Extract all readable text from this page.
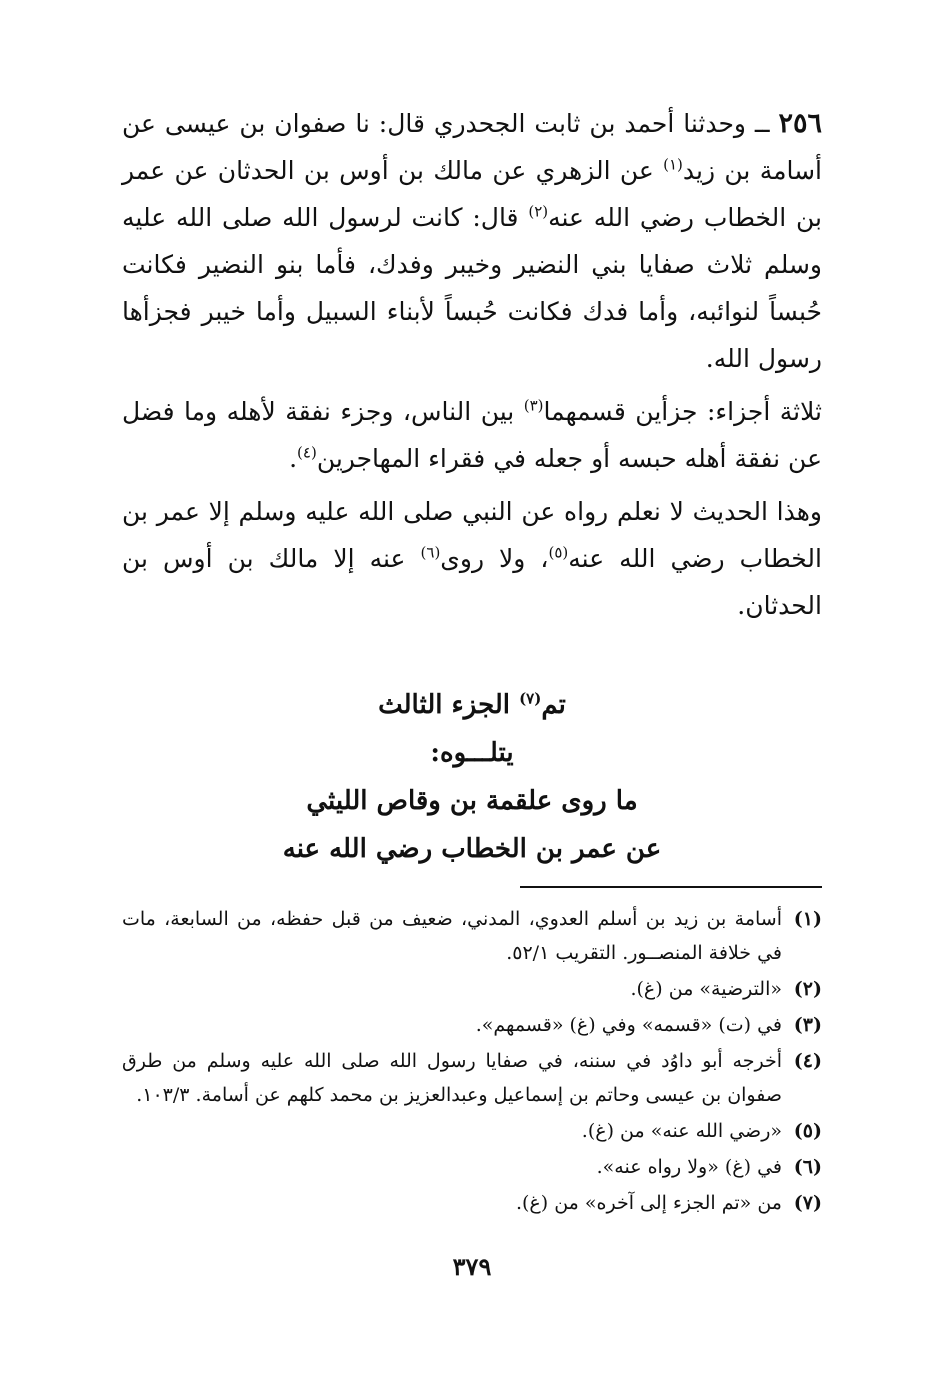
٢٥٦ ــ وحدثنا أحمد بن ثابت الجحدري قال: نا صفوان بن عيسى عن أسامة بن زيد$^{(١)}$ عن الزهري عن مالك بن أوس بن الحدثان عن عمر بن الخطاب رضي الله عنه$^{(٢)}$ قال: كانت لرسول الله صلى الله عليه وسلم ثلاث صفايا بني النضير وخيبر وفدك، فأما بنو النضير فكانت حُبساً لنوائبه، وأما فدك فكانت حُبساً لأبناء السبيل وأما خيبر فجزأها رسول الله.

ثلاثة أجزاء: جزأين قسمهما$^{(٣)}$ بين الناس، وجزء نفقة لأهله وما فضل عن نفقة أهله حبسه أو جعله في فقراء المهاجرين$^{(٤)}$.

وهذا الحديث لا نعلم رواه عن النبي صلى الله عليه وسلم إلا عمر بن الخطاب رضي الله عنه$^{(٥)}$، ولا روى$^{(٦)}$ عنه إلا مالك بن أوس بن الحدثان.

تم$^{(٧)}$ الجزء الثالث
يتلـــوه:
ما روى علقمة بن وقاص الليثي
عن عمر بن الخطاب رضي الله عنه
(١)
أسامة بن زيد بن أسلم العدوي، المدني، ضعيف من قبل حفظه، من السابعة، مات في خلافة المنصــور. التقريب ٥٢/١.
(٢)
«الترضية» من (غ).
(٣)
في (ت) «قسمه» وفي (غ) «قسمهم».
(٤)
أخرجه أبو داوُد في سننه، في صفايا رسول الله صلى الله عليه وسلم من طرق صفوان بن عيسى وحاتم بن إسماعيل وعبدالعزيز بن محمد كلهم عن أسامة. ١٠٣/٣.
(٥)
«رضي الله عنه» من (غ).
(٦)
في (غ) «ولا رواه عنه».
(٧)
من «تم الجزء إلى آخره» من (غ).
٣٧٩
